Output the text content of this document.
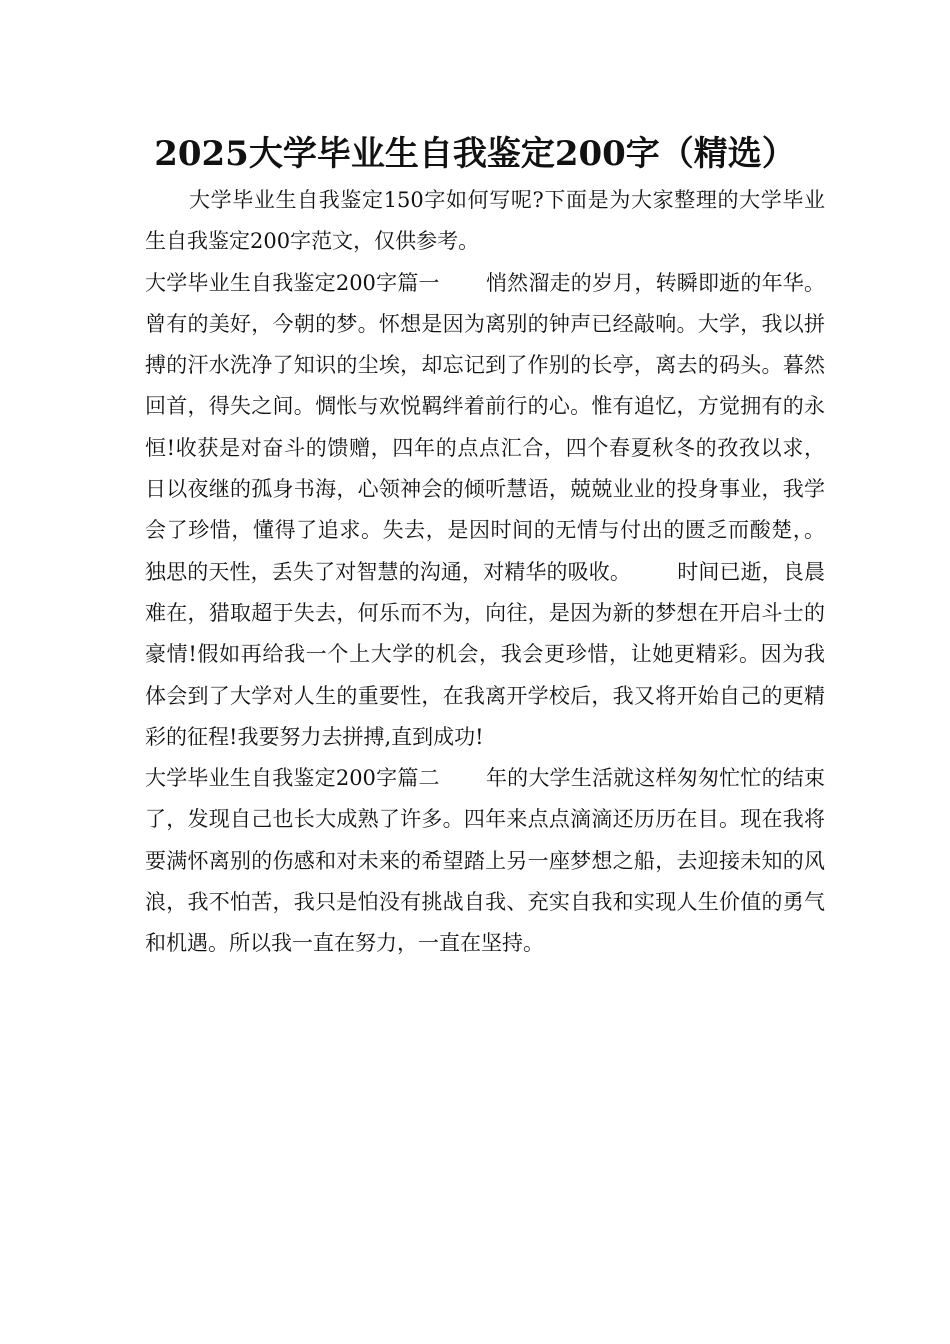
2025大学毕业生自我鉴定200字（精选）

大学毕业生自我鉴定150字如何写呢?下面是为大家整理的大学毕业生自我鉴定200字范文，仅供参考。

大学毕业生自我鉴定200字篇一 悄然溜走的岁月，转瞬即逝的年华。曾有的美好，今朝的梦。怀想是因为离别的钟声已经敲响。大学，我以拼搏的汗水洗净了知识的尘埃，却忘记到了作别的长亭，离去的码头。暮然回首，得失之间。惆怅与欢悦羁绊着前行的心。惟有追忆，方觉拥有的永恒!收获是对奋斗的馈赠，四年的点点汇合，四个春夏秋冬的孜孜以求，日以夜继的孤身书海，心领神会的倾听慧语，兢兢业业的投身事业，我学会了珍惜，懂得了追求。失去，是因时间的无情与付出的匮乏而酸楚，。独思的天性，丢失了对智慧的沟通，对精华的吸收。 时间已逝，良晨难在，猎取超于失去，何乐而不为，向往，是因为新的梦想在开启斗士的豪情!假如再给我一个上大学的机会，我会更珍惜，让她更精彩。因为我体会到了大学对人生的重要性，在我离开学校后，我又将开始自己的更精彩的征程!我要努力去拼搏,直到成功!

大学毕业生自我鉴定200字篇二 年的大学生活就这样匆匆忙忙的结束了，发现自己也长大成熟了许多。四年来点点滴滴还历历在目。现在我将要满怀离别的伤感和对未来的希望踏上另一座梦想之船，去迎接未知的风浪，我不怕苦，我只是怕没有挑战自我、充实自我和实现人生价值的勇气和机遇。所以我一直在努力，一直在坚持。
